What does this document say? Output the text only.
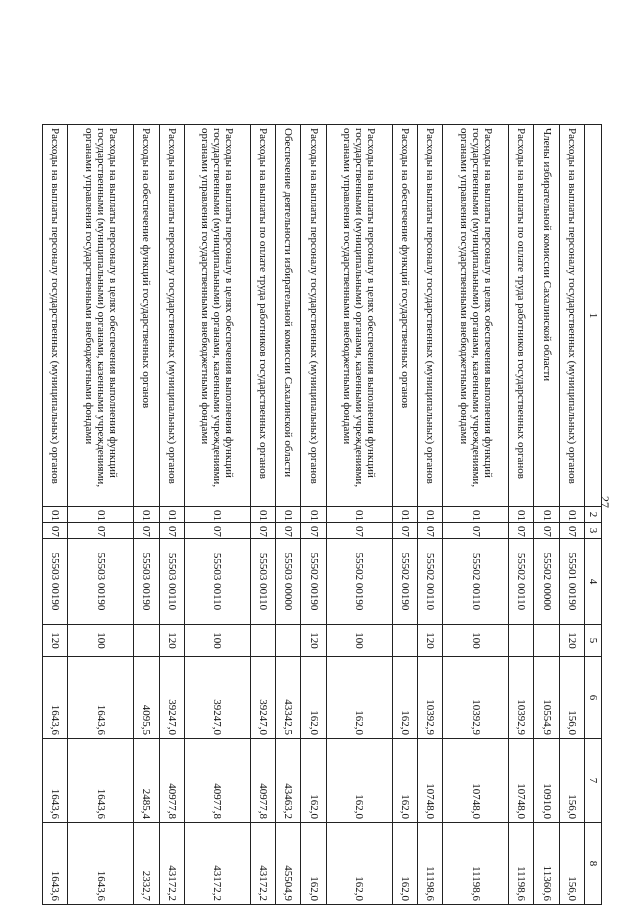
27
1	2	3	4	5	6	7	8
Расходы на выплаты персоналу государственных (муниципальных) органов	01	07	55501 00190	120	156,0	156,0	156,0
Члены избирательной комиссии Сахалинской области	01	07	55502 00000		10554,9	10910,0	11360,6
Расходы на выплаты по оплате труда работников государственных органов	01	07	55502 00110		10392,9	10748,0	11198,6
Расходы на выплаты персоналу в целях обеспечения выполнения функций государственными (муниципальными) органами, казенными учреждениями, органами управления государственными внебюджетными фондами	01	07	55502 00110	100	10392,9	10748,0	11198,6
Расходы на выплаты персоналу государственных (муниципальных) органов	01	07	55502 00110	120	10392,9	10748,0	11198,6
Расходы на обеспечение функций государственных органов	01	07	55502 00190		162,0	162,0	162,0
Расходы на выплаты персоналу в целях обеспечения выполнения функций государственными (муниципальными) органами, казенными учреждениями, органами управления государственными внебюджетными фондами	01	07	55502 00190	100	162,0	162,0	162,0
Расходы на выплаты персоналу государственных (муниципальных) органов	01	07	55502 00190	120	162,0	162,0	162,0
Обеспечение деятельности избирательной комиссии Сахалинской области	01	07	55503 00000		43342,5	43463,2	45504,9
Расходы на выплаты по оплате труда работников государственных органов	01	07	55503 00110		39247,0	40977,8	43172,2
Расходы на выплаты персоналу в целях обеспечения выполнения функций государственными (муниципальными) органами, казенными учреждениями, органами управления государственными внебюджетными фондами	01	07	55503 00110	100	39247,0	40977,8	43172,2
Расходы на выплаты персоналу государственных (муниципальных) органов	01	07	55503 00110	120	39247,0	40977,8	43172,2
Расходы на обеспечение функций государственных органов	01	07	55503 00190		4095,5	2485,4	2332,7
Расходы на выплаты персоналу в целях обеспечения выполнения функций государственными (муниципальными) органами, казенными учреждениями, органами управления государственными внебюджетными фондами	01	07	55503 00190	100	1643,6	1643,6	1643,6
Расходы на выплаты персоналу государственных (муниципальных) органов	01	07	55503 00190	120	1643,6	1643,6	1643,6
